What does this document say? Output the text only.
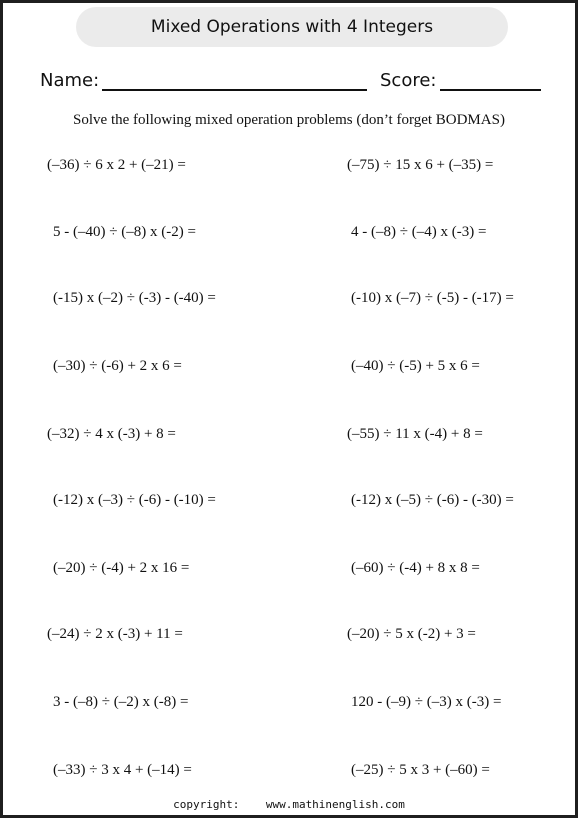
Mixed Operations with 4 Integers
Name:	Score:
Solve the following mixed operation problems (don’t forget BODMAS)
(–36) ÷ 6 x 2 + (–21) =
5 - (–40) ÷ (–8) x (-2) =
(-15) x (–2) ÷ (-3) - (-40) =
(–30) ÷ (-6) + 2 x 6 =
(–32) ÷ 4 x (-3) + 8 =
(-12) x (–3) ÷ (-6) - (-10) =
(–20) ÷ (-4) + 2 x 16 =
(–24) ÷ 2 x (-3) + 11 =
3 - (–8) ÷ (–2) x (-8) =
(–33) ÷ 3 x 4 + (–14) =
(–75) ÷ 15 x 6 + (–35) =
4 - (–8) ÷ (–4) x (-3) =
(-10) x (–7) ÷ (-5) - (-17) =
(–40) ÷ (-5) + 5 x 6 =
(–55) ÷ 11 x (-4) + 8 =
(-12) x (–5) ÷ (-6) - (-30) =
(–60) ÷ (-4) + 8 x 8 =
(–20) ÷ 5 x (-2) + 3 =
120 - (–9) ÷ (–3) x (-3) =
(–25) ÷ 5 x 3 + (–60) =
copyright: www.mathinenglish.com
